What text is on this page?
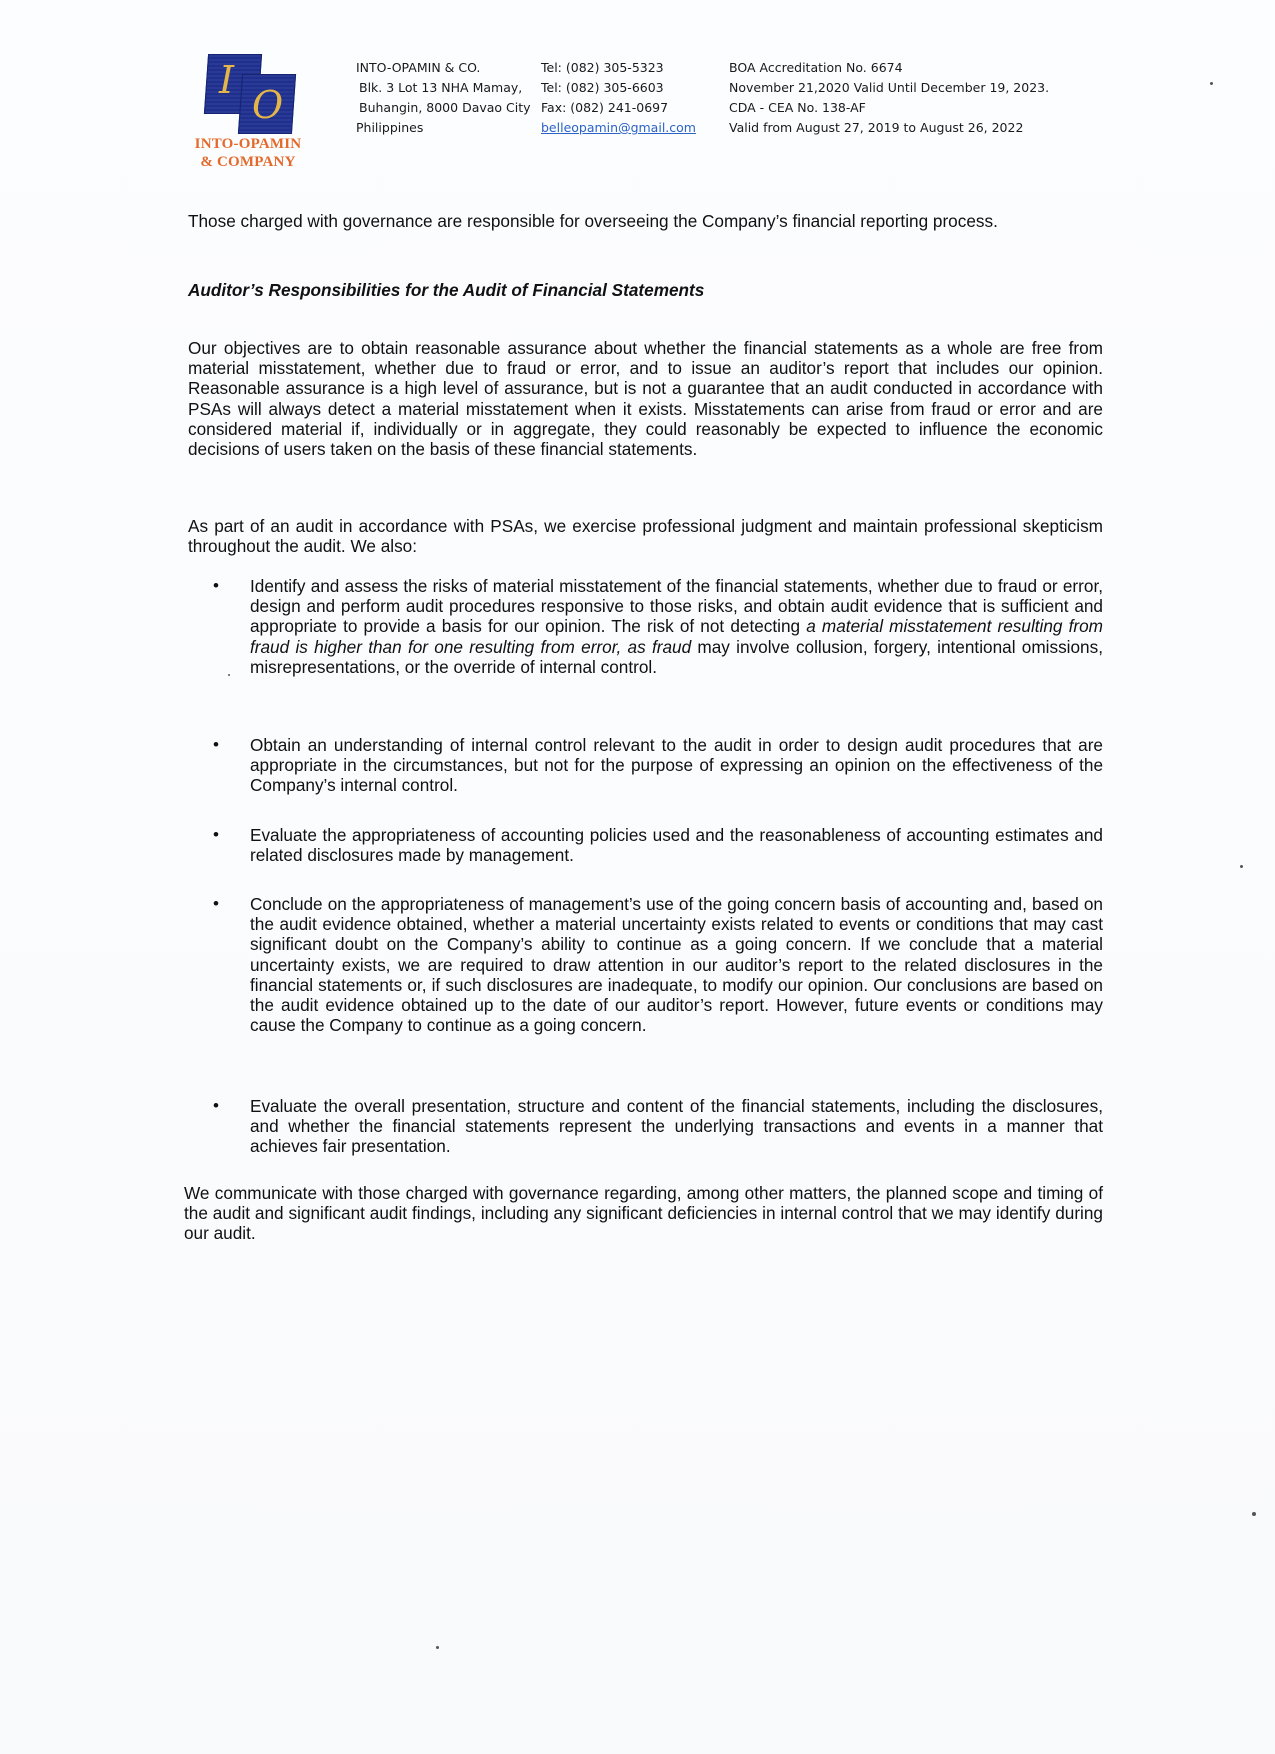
I
O
INTO-OPAMIN
& COMPANY
INTO-OPAMIN & CO.
Blk. 3 Lot 13 NHA Mamay,
Buhangin, 8000 Davao City
Philippines
Tel: (082) 305-5323
Tel: (082) 305-6603
Fax: (082) 241-0697
belleopamin@gmail.com
BOA Accreditation No. 6674
November 21,2020 Valid Until December 19, 2023.
CDA - CEA No. 138-AF
Valid from August 27, 2019 to August 26, 2022
Those charged with governance are responsible for overseeing the Company’s financial reporting process.
Auditor’s Responsibilities for the Audit of Financial Statements
Our objectives are to obtain reasonable assurance about whether the financial statements as a whole are free from material misstatement, whether due to fraud or error, and to issue an auditor’s report that includes our opinion. Reasonable assurance is a high level of assurance, but is not a guarantee that an audit conducted in accordance with PSAs will always detect a material misstatement when it exists. Misstatements can arise from fraud or error and are considered material if, individually or in aggregate, they could reasonably be expected to influence the economic decisions of users taken on the basis of these financial statements.
As part of an audit in accordance with PSAs, we exercise professional judgment and maintain professional skepticism throughout the audit. We also:
• Identify and assess the risks of material misstatement of the financial statements, whether due to fraud or error, design and perform audit procedures responsive to those risks, and obtain audit evidence that is sufficient and appropriate to provide a basis for our opinion. The risk of not detecting a material misstatement resulting from fraud is higher than for one resulting from error, as fraud may involve collusion, forgery, intentional omissions, misrepresentations, or the override of internal control.
• Obtain an understanding of internal control relevant to the audit in order to design audit procedures that are appropriate in the circumstances, but not for the purpose of expressing an opinion on the effectiveness of the Company’s internal control.
• Evaluate the appropriateness of accounting policies used and the reasonableness of accounting estimates and related disclosures made by management.
• Conclude on the appropriateness of management’s use of the going concern basis of accounting and, based on the audit evidence obtained, whether a material uncertainty exists related to events or conditions that may cast significant doubt on the Company’s ability to continue as a going concern. If we conclude that a material uncertainty exists, we are required to draw attention in our auditor’s report to the related disclosures in the financial statements or, if such disclosures are inadequate, to modify our opinion. Our conclusions are based on the audit evidence obtained up to the date of our auditor’s report. However, future events or conditions may cause the Company to continue as a going concern.
• Evaluate the overall presentation, structure and content of the financial statements, including the disclosures, and whether the financial statements represent the underlying transactions and events in a manner that achieves fair presentation.
We communicate with those charged with governance regarding, among other matters, the planned scope and timing of the audit and significant audit findings, including any significant deficiencies in internal control that we may identify during our audit.
